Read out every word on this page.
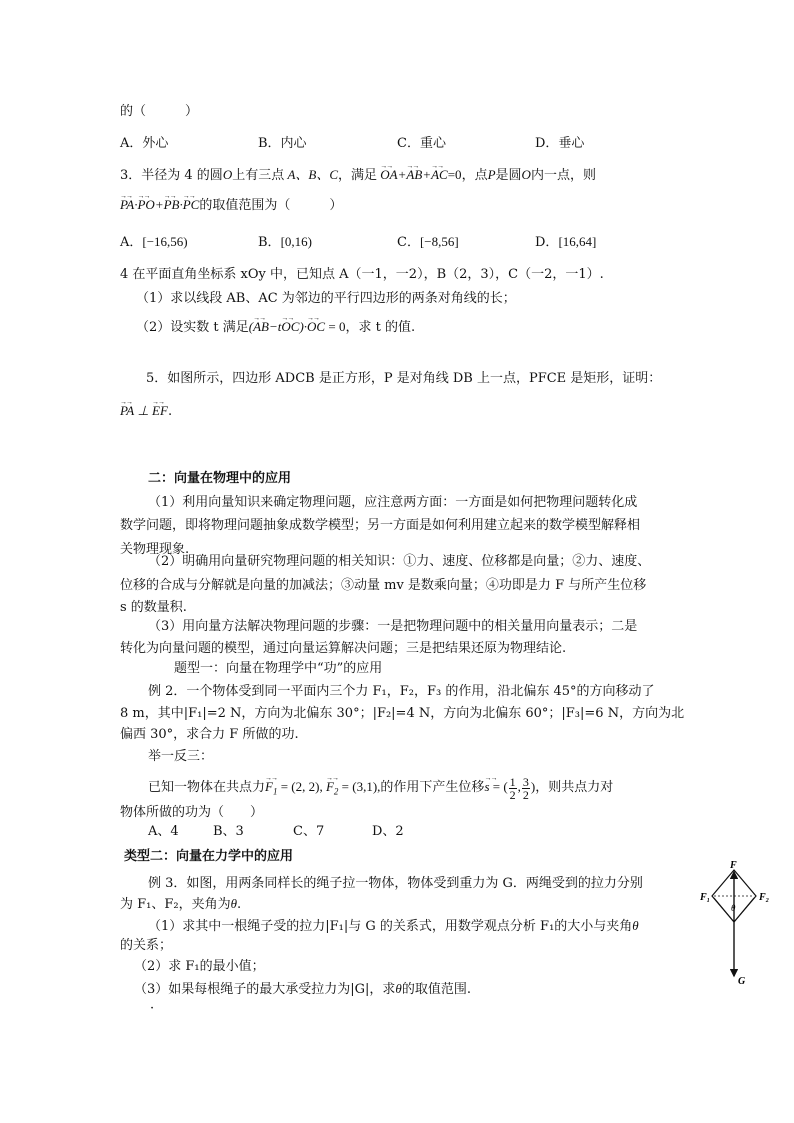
的（　　　）
A．外心	B．内心	C．重心	D．垂心
3．半径为 4 的圆O上有三点 A、B、C，满足 →→ OA+→→ AB+→→ AC=0，点P是圆O内一点，则
→→ PA·→→ PO+→→ PB·→→ PC的取值范围为（　　　）
A．[−16,56)	B．[0,16)	C．[−8,56]	D．[16,64]
4 在平面直角坐标系 xOy 中，已知点 A（一1，一2），B（2，3），C（一2，一1）.
（1）求以线段 AB、AC 为邻边的平行四边形的两条对角线的长；
（2）设实数 t 满足(→→ AB−t→→ OC)·→→ OC = 0，求 t 的值.
5．如图所示，四边形 ADCB 是正方形，P 是对角线 DB 上一点，PFCE 是矩形，证明：
→→ PA ⊥ →→ EF.
二：向量在物理中的应用
（1）利用向量知识来确定物理问题，应注意两方面：一方面是如何把物理问题转化成
数学问题，即将物理问题抽象成数学模型；另一方面是如何利用建立起来的数学模型解释相
关物理现象.
（2）明确用向量研究物理问题的相关知识：①力、速度、位移都是向量；②力、速度、
位移的合成与分解就是向量的加减法；③动量 mv 是数乘向量；④功即是力 F 与所产生位移
s 的数量积.
（3）用向量方法解决物理问题的步骤：一是把物理问题中的相关量用向量表示；二是
转化为向量问题的模型，通过向量运算解决问题；三是把结果还原为物理结论.
题型一：向量在物理学中“功”的应用
例 2．一个物体受到同一平面内三个力 F₁，F₂，F₃ 的作用，沿北偏东 45°的方向移动了
8 m，其中|F₁|=2 N，方向为北偏东 30°；|F₂|=4 N，方向为北偏东 60°；|F₃|=6 N，方向为北
偏西 30°，求合力 F 所做的功.
举一反三：
已知一物体在共点力→→ $F_1 = (2$, 2), →→ $F_2 = (3,1)$,的作用下产生位移→→ s = ( $\frac{1}{2}$ , $\frac{3}{2}$ )，则共点力对
物体所做的功为（　　）
A、4	B、3	C、7	D、2
类型二：向量在力学中的应用
例 3．如图，用两条同样长的绳子拉一物体，物体受到重力为 G．两绳受到的拉力分别
为 F₁、F₂，夹角为θ.
（1）求其中一根绳子受的拉力|F₁|与 G 的关系式，用数学观点分析 F₁的大小与夹角θ
的关系；
（2）求 F₁的最小值；
（3）如果每根绳子的最大承受拉力为|G|，求θ的取值范围.
·
F
F₁	F₂
θ
G
